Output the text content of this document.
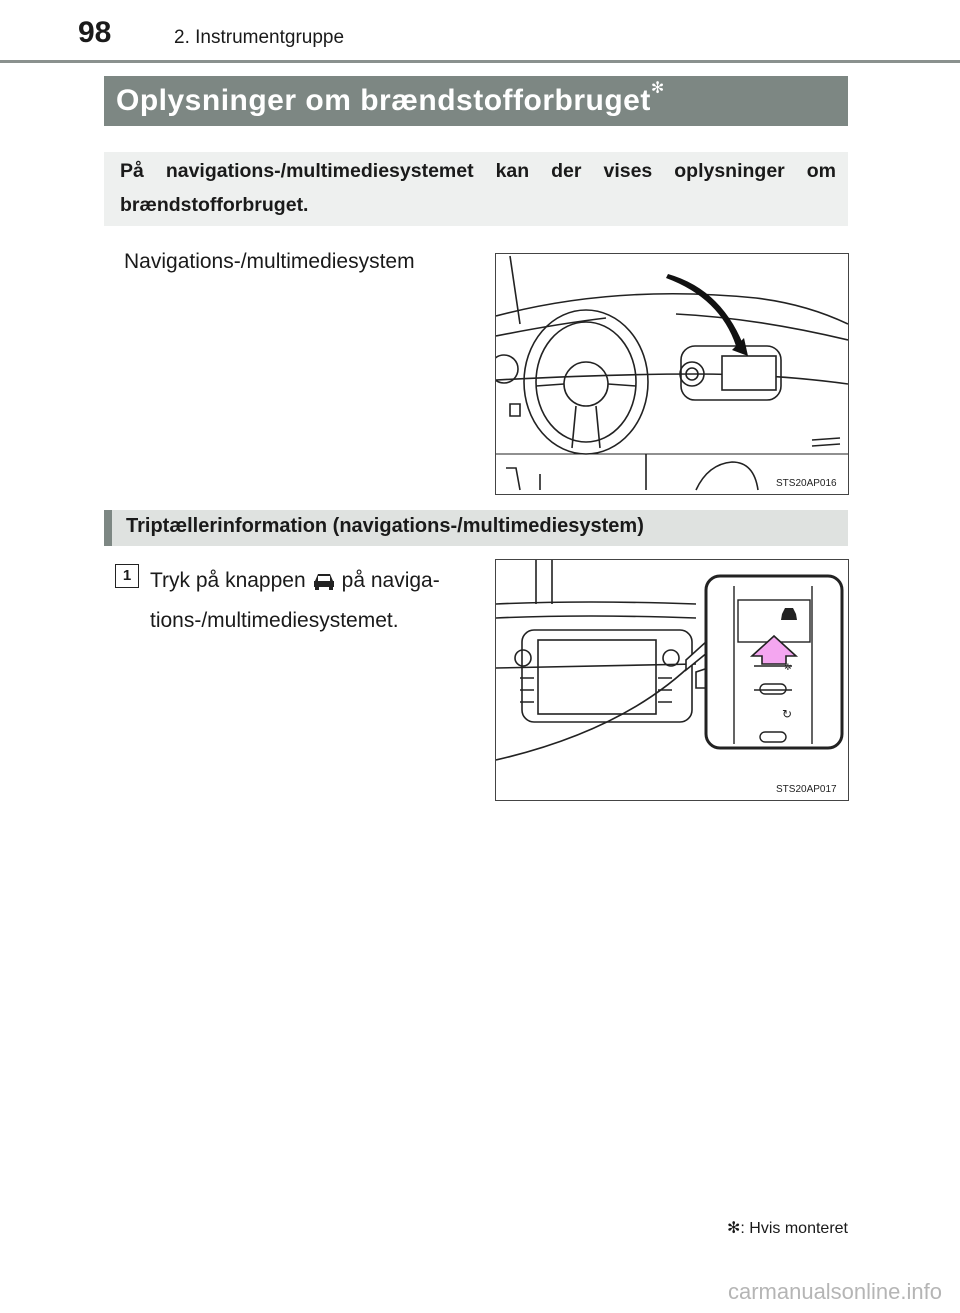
98	2. Instrumentgruppe
Oplysninger om brændstofforbruget✻
På navigations-/multimediesystemet kan der vises oplysninger om brændstofforbruget.
Navigations-/multimediesystem
STS20AP016
Triptællerinformation (navigations-/multimediesystem)
1 Tryk på knappen på naviga-tions-/multimediesystemet.
✲
↻
STS20AP017
✻: Hvis monteret
carmanualsonline.info
